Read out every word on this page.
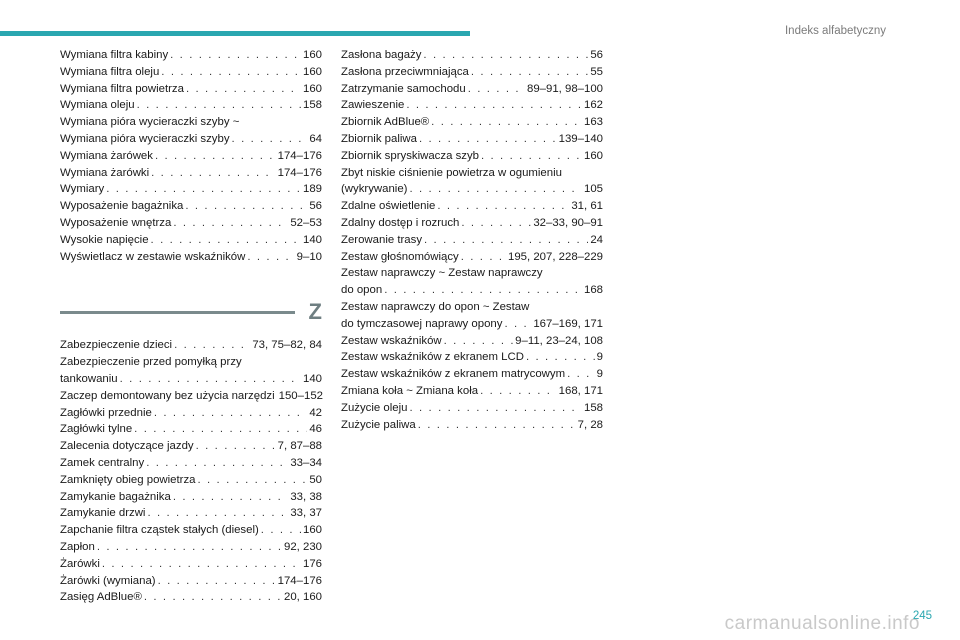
Indeks alfabetyczny
Wymiana filtra kabiny . . .	160
Wymiana filtra oleju . . .	160
Wymiana filtra powietrza . . .	160
Wymiana oleju . . .	158
Wymiana pióra wycieraczki szyby ~
Wymiana pióra wycieraczki szyby . . .	64
Wymiana żarówek . . .	174–176
Wymiana żarówki . . .	174–176
Wymiary . . .	189
Wyposażenie bagażnika . . .	56
Wyposażenie wnętrza . . .	52–53
Wysokie napięcie . . .	140
Wyświetlacz w zestawie wskaźników . . .	9–10
Z
Zabezpieczenie dzieci . . .	73, 75–82, 84
Zabezpieczenie przed pomyłką przy
tankowaniu . . .	140
Zaczep demontowany bez użycia narzędzi 150–152
Zagłówki przednie . . .	42
Zagłówki tylne . . .	46
Zalecenia dotyczące jazdy . . .	7, 87–88
Zamek centralny . . .	33–34
Zamknięty obieg powietrza . . .	50
Zamykanie bagażnika . . .	33, 38
Zamykanie drzwi . . .	33, 37
Zapchanie filtra cząstek stałych (diesel) . . .	160
Zapłon . . .	92, 230
Żarówki . . .	176
Żarówki (wymiana) . . .	174–176
Zasięg AdBlue® . . .	20, 160
Zasłona bagaży . . .	56
Zasłona przeciwmniająca . . .	55
Zatrzymanie samochodu . . .	89–91, 98–100
Zawieszenie . . .	162
Zbiornik AdBlue® . . .	163
Zbiornik paliwa . . .	139–140
Zbiornik spryskiwacza szyb . . .	160
Zbyt niskie ciśnienie powietrza w ogumieniu
(wykrywanie) . . .	105
Zdalne oświetlenie . . .	31, 61
Zdalny dostęp i rozruch . . .	32–33, 90–91
Zerowanie trasy . . .	24
Zestaw głośnomówiący . . .	195, 207, 228–229
Zestaw naprawczy ~ Zestaw naprawczy
do opon . . .	168
Zestaw naprawczy do opon ~ Zestaw
do tymczasowej naprawy opony . . .	167–169, 171
Zestaw wskaźników . . .	9–11, 23–24, 108
Zestaw wskaźników z ekranem LCD . . .	9
Zestaw wskaźników z ekranem matrycowym . . .	9
Zmiana koła ~ Zmiana koła . . .	168, 171
Zużycie oleju . . .	158
Zużycie paliwa . . .	7, 28
carmanualsonline.info
245
